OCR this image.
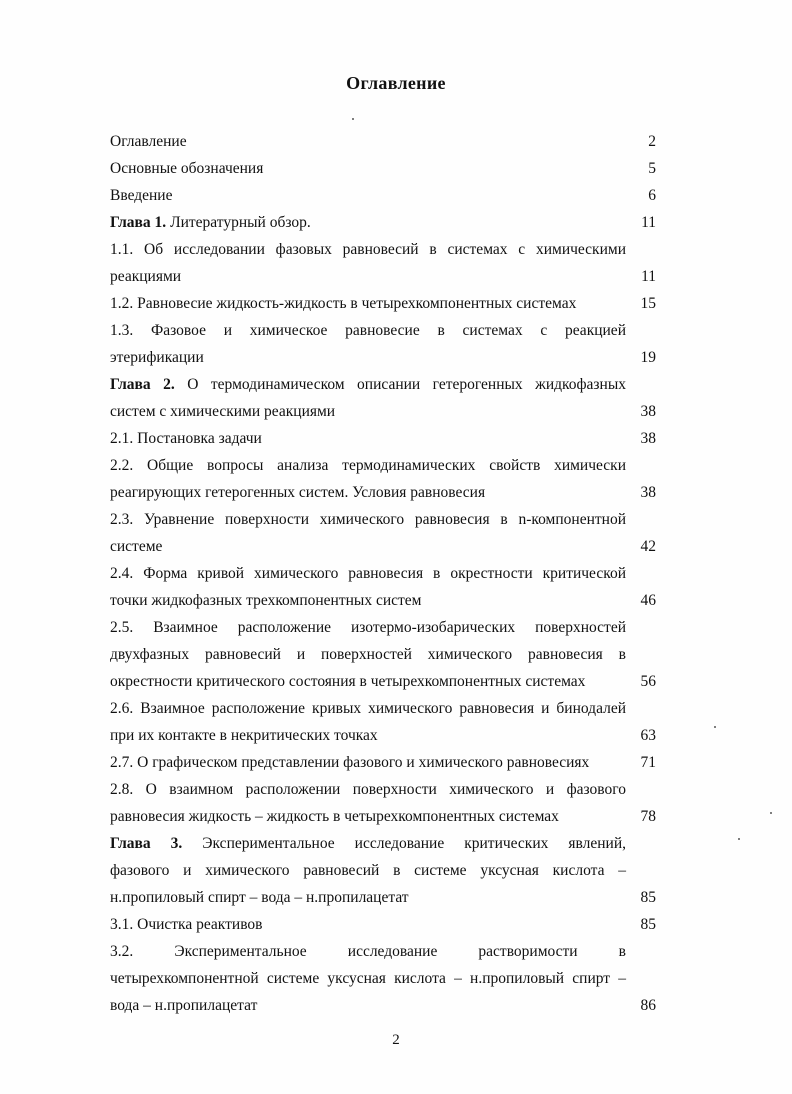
Оглавление
Оглавление	2
Основные обозначения	5
Введение	6
Глава 1. Литературный обзор.	11
1.1. Об исследовании фазовых равновесий в системах с химическими
реакциями	11
1.2. Равновесие жидкость-жидкость в четырехкомпонентных системах	15
1.3. Фазовое и химическое равновесие в системах с реакцией
этерификации	19
Глава 2. О термодинамическом описании гетерогенных жидкофазных
систем с химическими реакциями	38
2.1. Постановка задачи	38
2.2. Общие вопросы анализа термодинамических свойств химически
реагирующих гетерогенных систем. Условия равновесия	38
2.3. Уравнение поверхности химического равновесия в n-компонентной
системе	42
2.4. Форма кривой химического равновесия в окрестности критической
точки жидкофазных трехкомпонентных систем	46
2.5. Взаимное расположение изотермо-изобарических поверхностей
двухфазных равновесий и поверхностей химического равновесия в
окрестности критического состояния в четырехкомпонентных системах	56
2.6. Взаимное расположение кривых химического равновесия и бинодалей
при их контакте в некритических точках	63
2.7. О графическом представлении фазового и химического равновесиях	71
2.8. О взаимном расположении поверхности химического и фазового
равновесия жидкость – жидкость в четырехкомпонентных системах	78
Глава 3. Экспериментальное исследование критических явлений,
фазового и химического равновесий в системе уксусная кислота –
н.пропиловый спирт – вода – н.пропилацетат	85
3.1. Очистка реактивов	85
3.2. Экспериментальное исследование растворимости в
четырехкомпонентной системе уксусная кислота – н.пропиловый спирт –
вода – н.пропилацетат	86
2
